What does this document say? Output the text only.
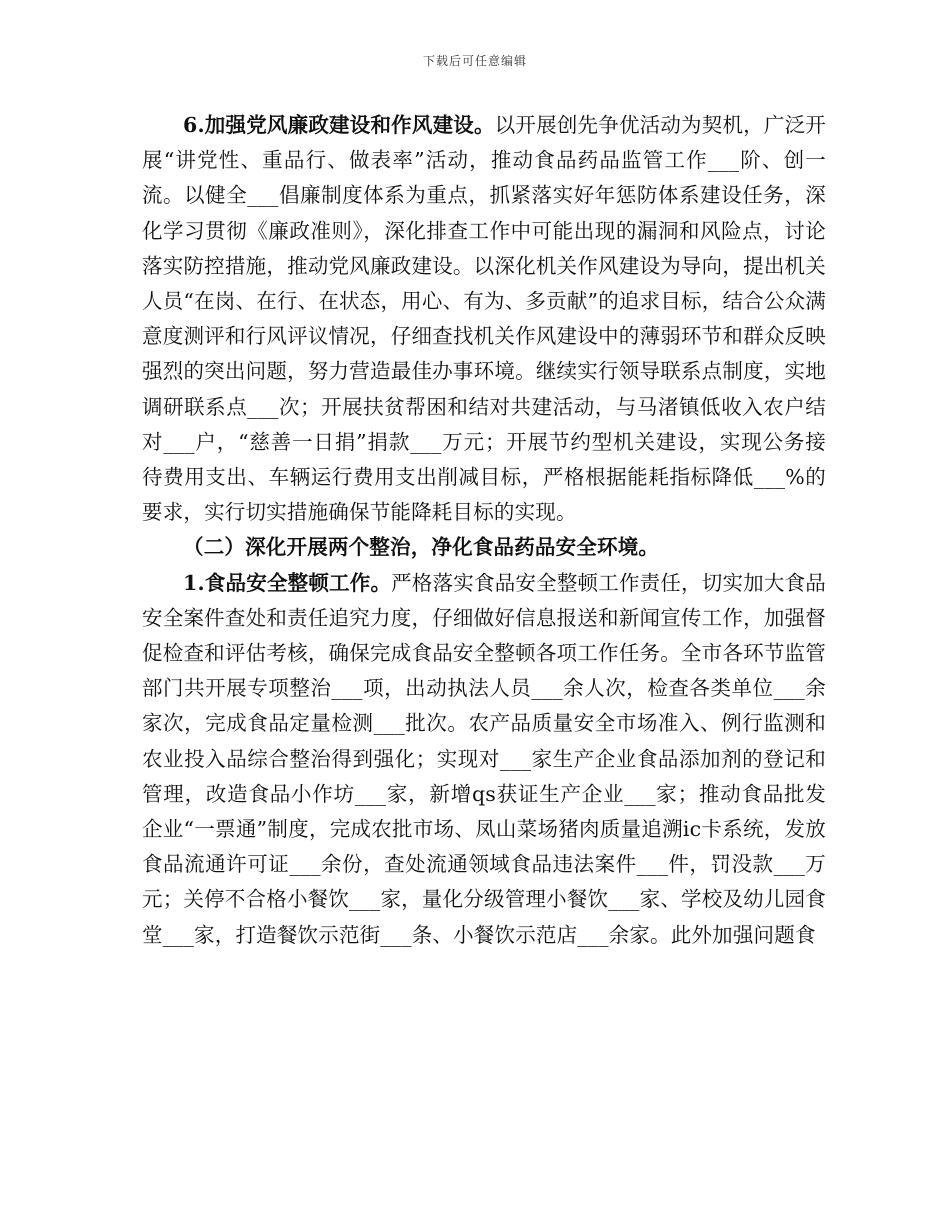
下载后可任意编辑

6.加强党风廉政建设和作风建设。以开展创先争优活动为契机，广泛开展“讲党性、重品行、做表率”活动，推动食品药品监管工作___阶、创一流。以健全___倡廉制度体系为重点，抓紧落实好年惩防体系建设任务，深化学习贯彻《廉政准则》，深化排查工作中可能出现的漏洞和风险点，讨论落实防控措施，推动党风廉政建设。以深化机关作风建设为导向，提出机关人员“在岗、在行、在状态，用心、有为、多贡献”的追求目标，结合公众满意度测评和行风评议情况，仔细查找机关作风建设中的薄弱环节和群众反映强烈的突出问题，努力营造最佳办事环境。继续实行领导联系点制度，实地调研联系点___次；开展扶贫帮困和结对共建活动，与马渚镇低收入农户结对___户，“慈善一日捐”捐款___万元；开展节约型机关建设，实现公务接待费用支出、车辆运行费用支出削减目标，严格根据能耗指标降低___%的要求，实行切实措施确保节能降耗目标的实现。

（二）深化开展两个整治，净化食品药品安全环境。

1.食品安全整顿工作。严格落实食品安全整顿工作责任，切实加大食品安全案件查处和责任追究力度，仔细做好信息报送和新闻宣传工作，加强督促检查和评估考核，确保完成食品安全整顿各项工作任务。全市各环节监管部门共开展专项整治___项，出动执法人员___余人次，检查各类单位___余家次，完成食品定量检测___批次。农产品质量安全市场准入、例行监测和农业投入品综合整治得到强化；实现对___家生产企业食品添加剂的登记和管理，改造食品小作坊___家，新增qs获证生产企业___家；推动食品批发企业“一票通”制度，完成农批市场、凤山菜场猪肉质量追溯ic卡系统，发放食品流通许可证___余份，查处流通领域食品违法案件___件，罚没款___万元；关停不合格小餐饮___家，量化分级管理小餐饮___家、学校及幼儿园食堂___家，打造餐饮示范街___条、小餐饮示范店___余家。此外加强问题食
